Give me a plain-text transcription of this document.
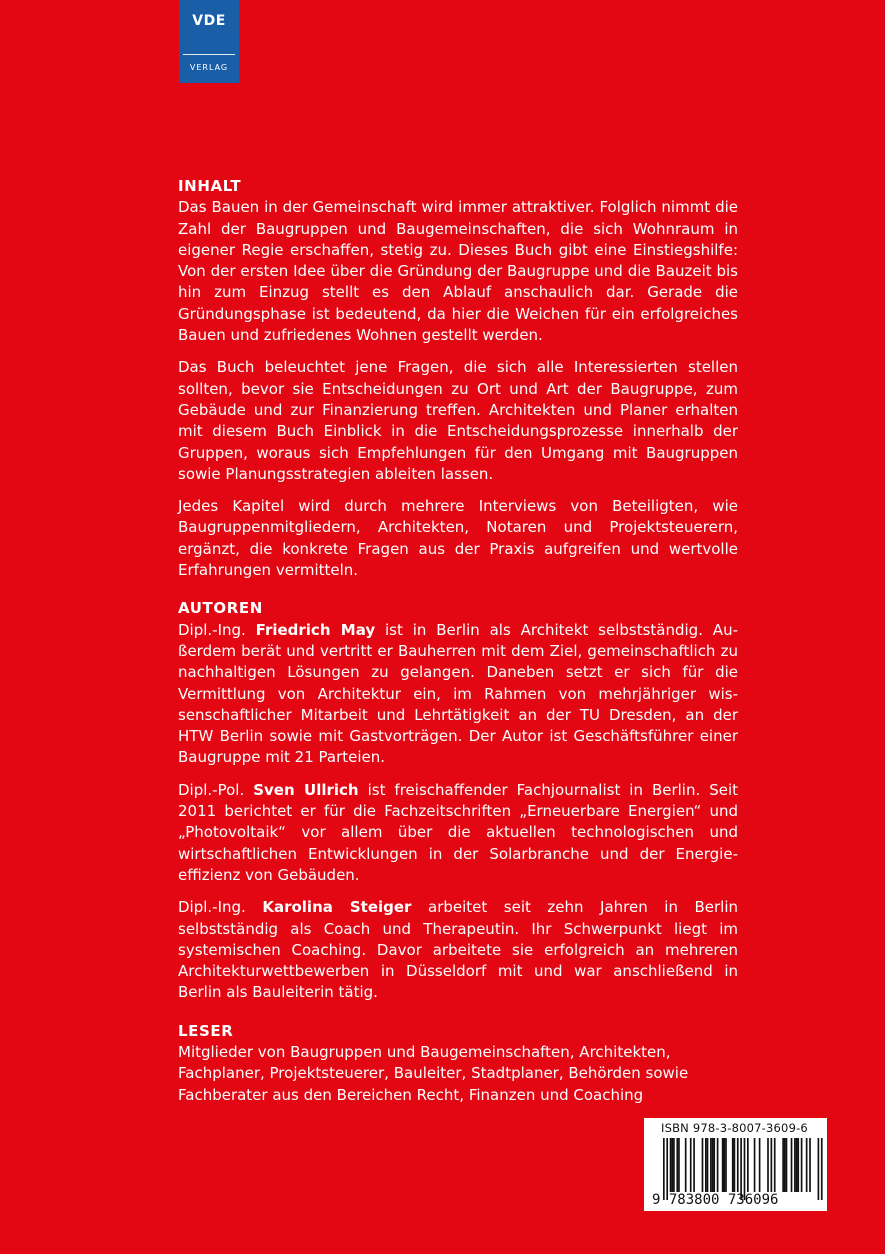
VDE
VERLAG
INHALT

Das Bauen in der Gemeinschaft wird immer attraktiver. Folglich nimmt die Zahl der Baugruppen und Baugemeinschaften, die sich Wohnraum in eigener Regie erschaffen, stetig zu. Dieses Buch gibt eine Einstiegshilfe: Von der ersten Idee über die Gründung der Baugruppe und die Bauzeit bis hin zum Einzug stellt es den Ablauf anschaulich dar. Gerade die Gründungsphase ist bedeutend, da hier die Weichen für ein erfolgreiches Bauen und zufriedenes Wohnen gestellt werden.

Das Buch beleuchtet jene Fragen, die sich alle Interessierten stellen sollten, bevor sie Entscheidungen zu Ort und Art der Baugruppe, zum Gebäude und zur Finanzierung treffen. Architekten und Planer erhalten mit diesem Buch Einblick in die Entscheidungsprozesse innerhalb der Gruppen, woraus sich Empfehlungen für den Umgang mit Baugruppen sowie Planungsstrategien ableiten lassen.

Jedes Kapitel wird durch mehrere Interviews von Beteiligten, wie Baugruppenmitgliedern, Architekten, Notaren und Projektsteuerern, ergänzt, die konkrete Fragen aus der Praxis aufgreifen und wertvolle Erfahrungen vermitteln.

AUTOREN

Dipl.-Ing. Friedrich May ist in Berlin als Architekt selbstständig. Außerdem berät und vertritt er Bauherren mit dem Ziel, gemeinschaftlich zu nachhaltigen Lösungen zu gelangen. Daneben setzt er sich für die Vermittlung von Architektur ein, im Rahmen von mehrjähriger wissenschaftlicher Mitarbeit und Lehrtätigkeit an der TU Dresden, an der HTW Berlin sowie mit Gastvorträgen. Der Autor ist Geschäftsführer einer Baugruppe mit 21 Parteien.

Dipl.-Pol. Sven Ullrich ist freischaffender Fachjournalist in Berlin. Seit 2011 berichtet er für die Fachzeitschriften „Erneuerbare Energien“ und „Photovoltaik“ vor allem über die aktuellen technologischen und wirtschaftlichen Entwicklungen in der Solarbranche und der Energieeffizienz von Gebäuden.

Dipl.-Ing. Karolina Steiger arbeitet seit zehn Jahren in Berlin selbstständig als Coach und Therapeutin. Ihr Schwerpunkt liegt im systemischen Coaching. Davor arbeitete sie erfolgreich an mehreren Architekturwettbewerben in Düsseldorf mit und war anschließend in Berlin als Bauleiterin tätig.

LESER

Mitglieder von Baugruppen und Baugemeinschaften, Architekten, Fachplaner, Projektsteuerer, Bauleiter, Stadtplaner, Behörden sowie Fachberater aus den Bereichen Recht, Finanzen und Coaching

ISBN 978-3-8007-3609-6
9 783800 736096
